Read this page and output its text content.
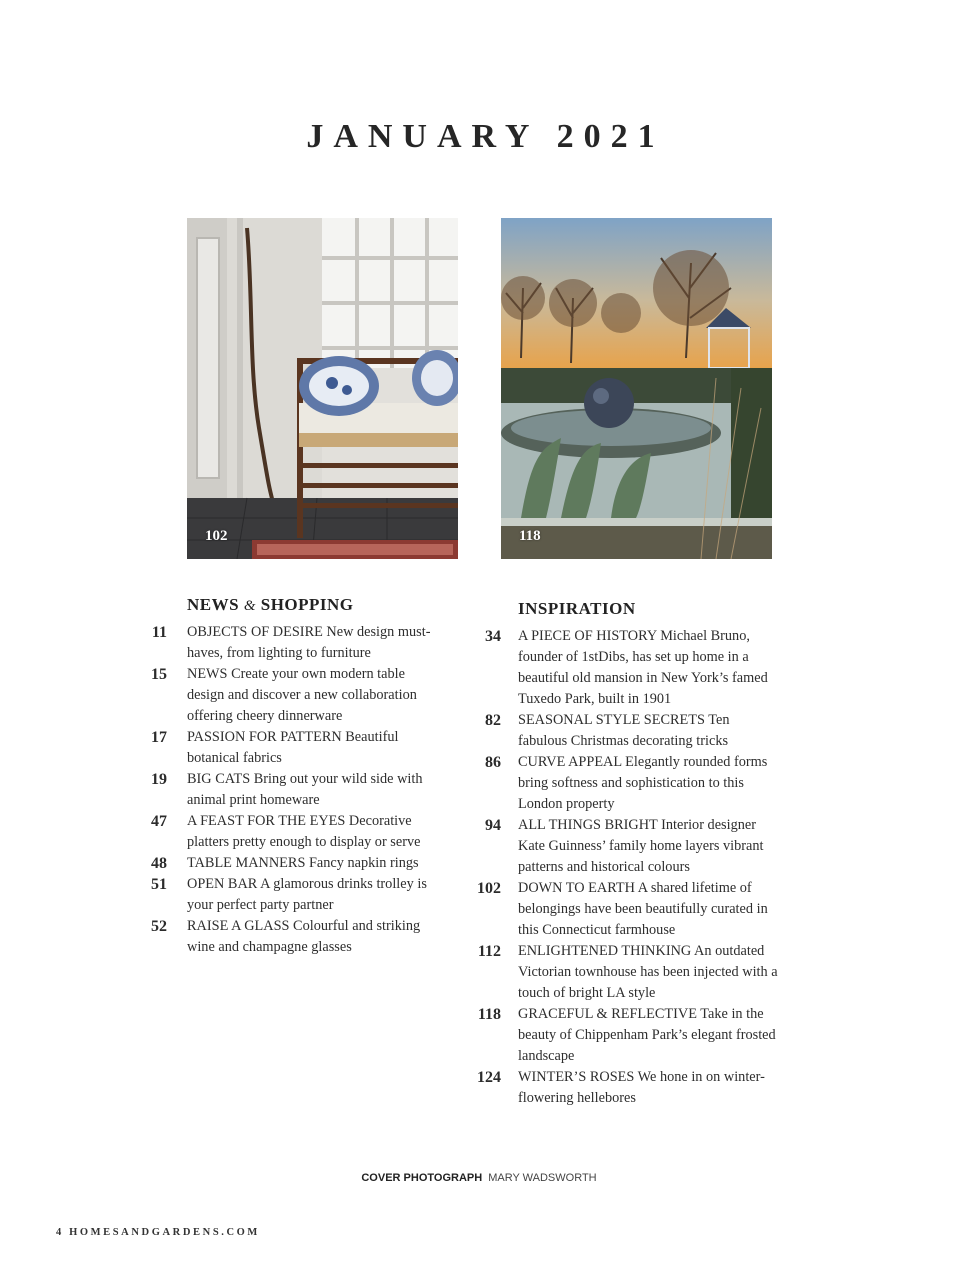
JANUARY 2021
102	118
NEWS & SHOPPING
11 OBJECTS OF DESIRE New design must-haves, from lighting to furniture
15 NEWS Create your own modern table design and discover a new collaboration offering cheery dinnerware
17 PASSION FOR PATTERN Beautiful botanical fabrics
19 BIG CATS Bring out your wild side with animal print homeware
47 A FEAST FOR THE EYES Decorative platters pretty enough to display or serve
48 TABLE MANNERS Fancy napkin rings
51 OPEN BAR A glamorous drinks trolley is your perfect party partner
52 RAISE A GLASS Colourful and striking wine and champagne glasses
INSPIRATION
34 A PIECE OF HISTORY Michael Bruno, founder of 1stDibs, has set up home in a beautiful old mansion in New York’s famed Tuxedo Park, built in 1901
82 SEASONAL STYLE SECRETS Ten fabulous Christmas decorating tricks
86 CURVE APPEAL Elegantly rounded forms bring softness and sophistication to this London property
94 ALL THINGS BRIGHT Interior designer Kate Guinness’ family home layers vibrant patterns and historical colours
102 DOWN TO EARTH A shared lifetime of belongings have been beautifully curated in this Connecticut farmhouse
112 ENLIGHTENED THINKING An outdated Victorian townhouse has been injected with a touch of bright LA style
118 GRACEFUL & REFLECTIVE Take in the beauty of Chippenham Park’s elegant frosted landscape
124 WINTER’S ROSES We hone in on winter-flowering hellebores
COVER PHOTOGRAPH MARY WADSWORTH
4 HOMESANDGARDENS.COM
